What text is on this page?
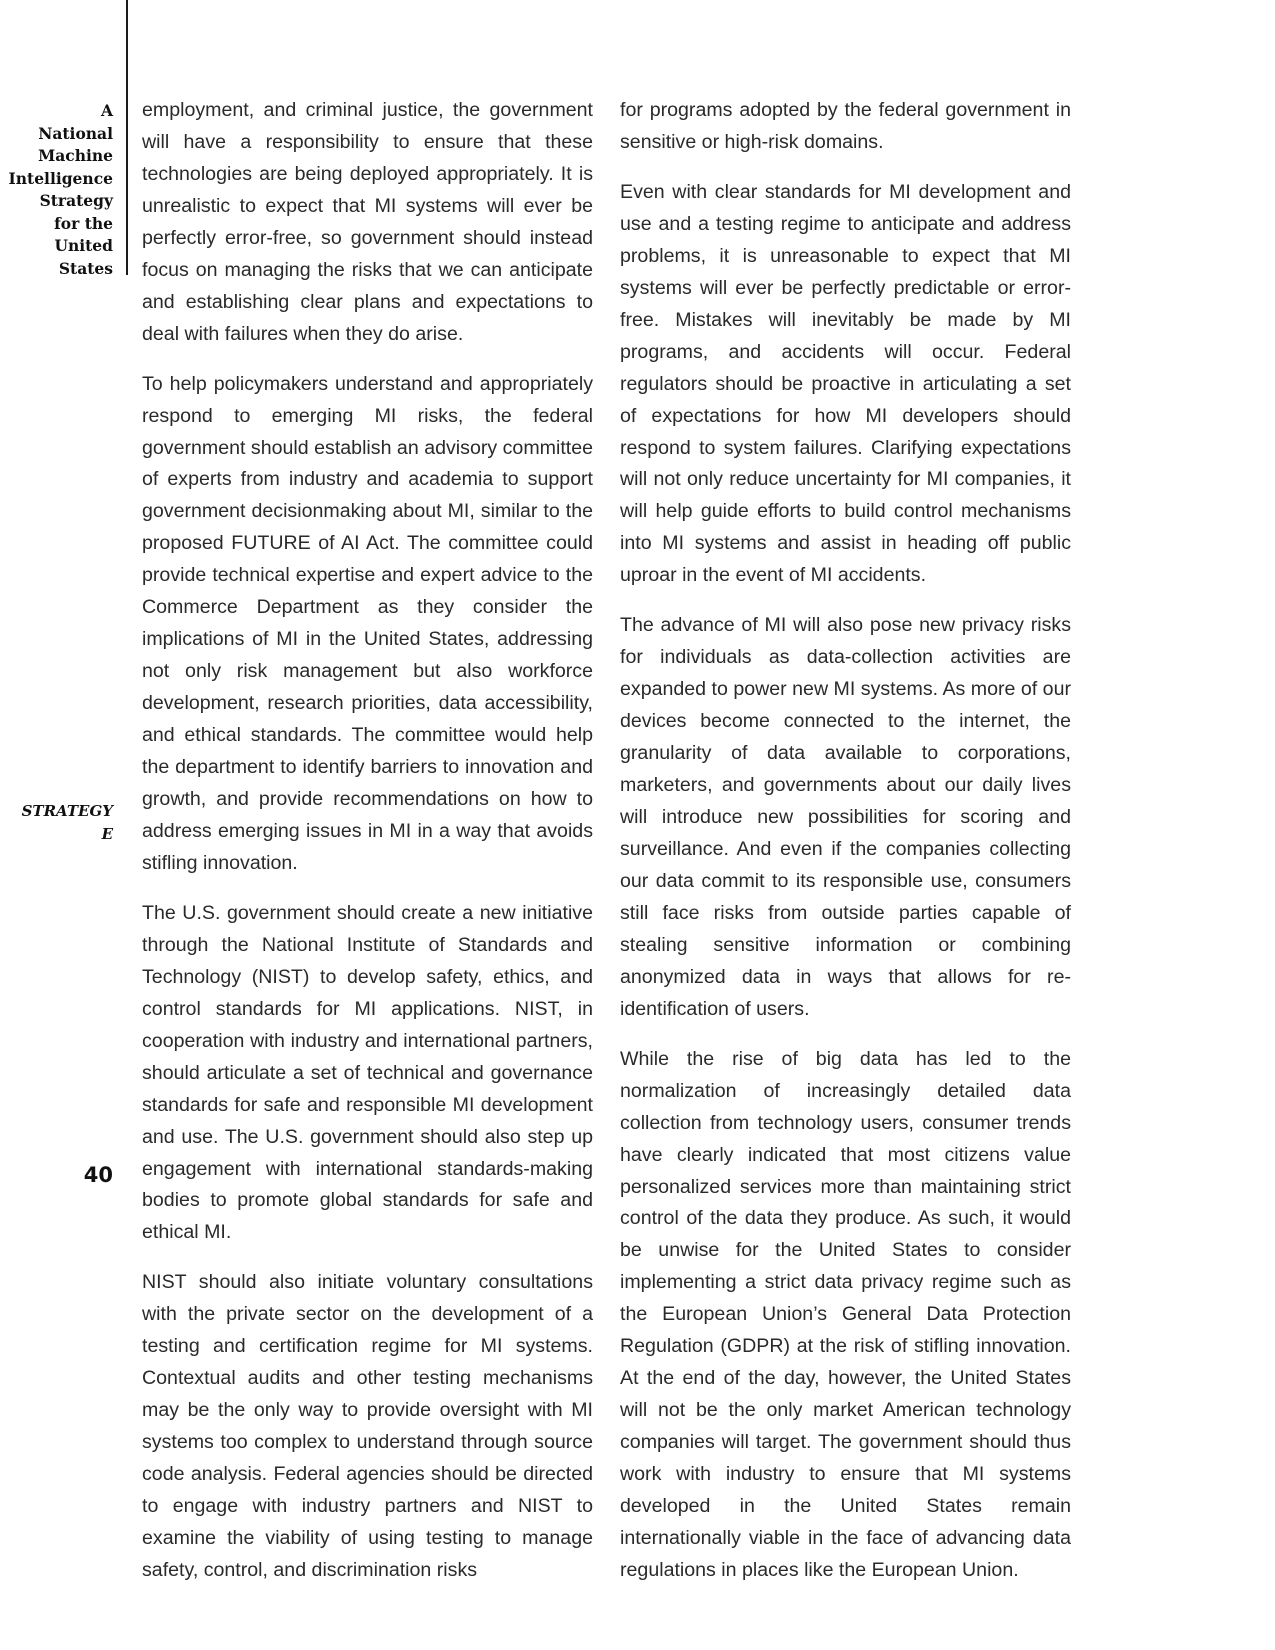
A
National
Machine
Intelligence
Strategy
for the
United
States
STRATEGY
E
40

employment, and criminal justice, the government will have a responsibility to ensure that these technologies are being deployed appropriately. It is unrealistic to expect that MI systems will ever be perfectly error-free, so government should instead focus on managing the risks that we can anticipate and establishing clear plans and expectations to deal with failures when they do arise.

To help policymakers understand and appropriately respond to emerging MI risks, the federal government should establish an advisory committee of experts from industry and academia to support government decisionmaking about MI, similar to the proposed FUTURE of AI Act. The committee could provide technical expertise and expert advice to the Commerce Department as they consider the implications of MI in the United States, addressing not only risk management but also workforce development, research priorities, data accessibility, and ethical standards. The committee would help the department to identify barriers to innovation and growth, and provide recommendations on how to address emerging issues in MI in a way that avoids stifling innovation.

The U.S. government should create a new initiative through the National Institute of Standards and Technology (NIST) to develop safety, ethics, and control standards for MI applications. NIST, in cooperation with industry and international partners, should articulate a set of technical and governance standards for safe and responsible MI development and use. The U.S. government should also step up engagement with international standards-making bodies to promote global standards for safe and ethical MI.

NIST should also initiate voluntary consultations with the private sector on the development of a testing and certification regime for MI systems. Contextual audits and other testing mechanisms may be the only way to provide oversight with MI systems too complex to understand through source code analysis. Federal agencies should be directed to engage with industry partners and NIST to examine the viability of using testing to manage safety, control, and discrimination risks

for programs adopted by the federal government in sensitive or high-risk domains.

Even with clear standards for MI development and use and a testing regime to anticipate and address problems, it is unreasonable to expect that MI systems will ever be perfectly predictable or error-free. Mistakes will inevitably be made by MI programs, and accidents will occur. Federal regulators should be proactive in articulating a set of expectations for how MI developers should respond to system failures. Clarifying expectations will not only reduce uncertainty for MI companies, it will help guide efforts to build control mechanisms into MI systems and assist in heading off public uproar in the event of MI accidents.

The advance of MI will also pose new privacy risks for individuals as data-collection activities are expanded to power new MI systems. As more of our devices become connected to the internet, the granularity of data available to corporations, marketers, and governments about our daily lives will introduce new possibilities for scoring and surveillance. And even if the companies collecting our data commit to its responsible use, consumers still face risks from outside parties capable of stealing sensitive information or combining anonymized data in ways that allows for re-identification of users.

While the rise of big data has led to the normalization of increasingly detailed data collection from technology users, consumer trends have clearly indicated that most citizens value personalized services more than maintaining strict control of the data they produce. As such, it would be unwise for the United States to consider implementing a strict data privacy regime such as the European Union’s General Data Protection Regulation (GDPR) at the risk of stifling innovation. At the end of the day, however, the United States will not be the only market American technology companies will target. The government should thus work with industry to ensure that MI systems developed in the United States remain internationally viable in the face of advancing data regulations in places like the European Union.
